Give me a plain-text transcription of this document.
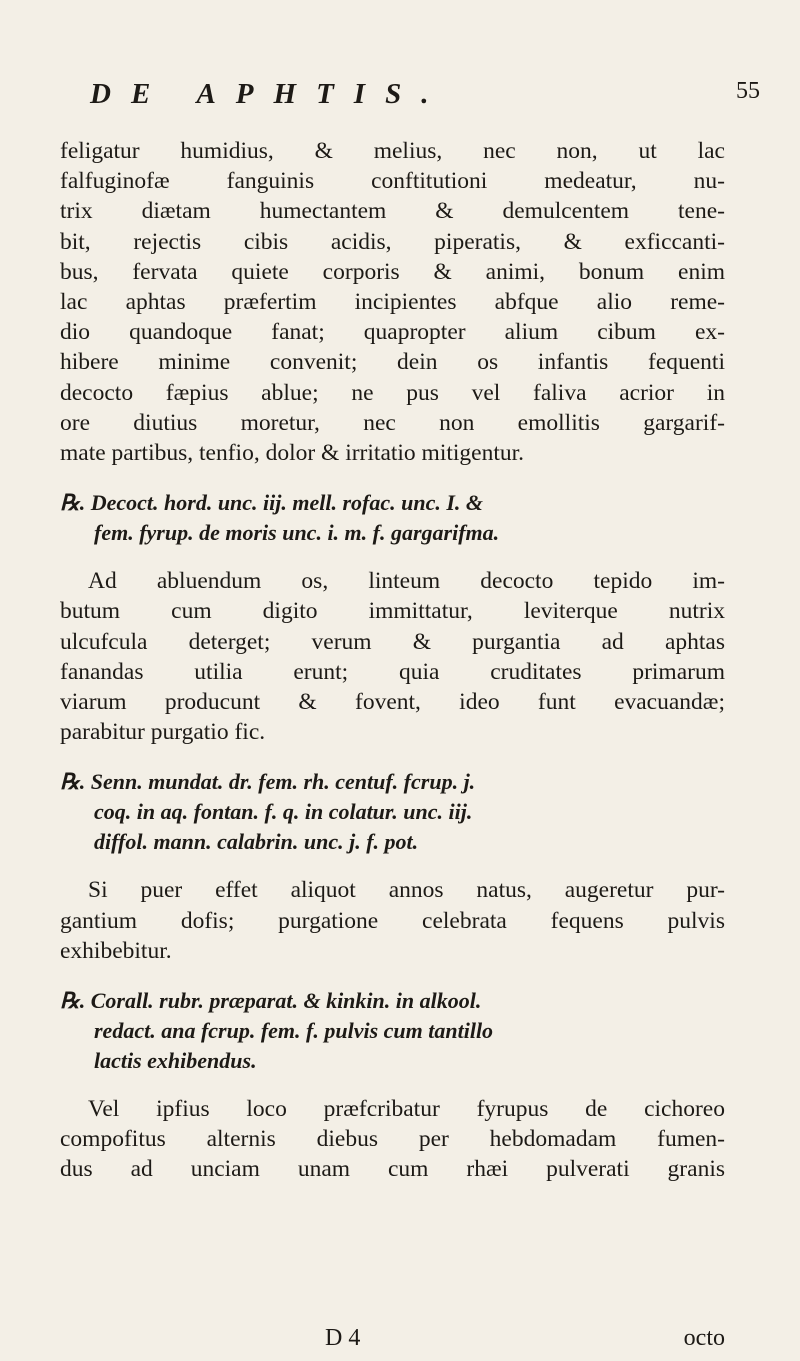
DE APHTIS.	55

feligatur humidius, & melius, nec non, ut lac
falfuginofæ fanguinis conftitutioni medeatur, nu-
trix diætam humectantem & demulcentem tene-
bit, rejectis cibis acidis, piperatis, & exficcanti-
bus, fervata quiete corporis & animi, bonum enim
lac aphtas præfertim incipientes abfque alio reme-
dio quandoque fanat; quapropter alium cibum ex-
hibere minime convenit; dein os infantis fequenti
decocto fæpius ablue; ne pus vel faliva acrior in
ore diutius moretur, nec non emollitis gargarif-
mate partibus, tenfio, dolor & irritatio mitigentur.

℞. Decoct. hord. unc. iij. mell. rofac. unc. I. &
fem. fyrup. de moris unc. i. m. f. gargarifma.

Ad abluendum os, linteum decocto tepido im-
butum cum digito immittatur, leviterque nutrix
ulcufcula deterget; verum & purgantia ad aphtas
fanandas utilia erunt; quia cruditates primarum
viarum producunt & fovent, ideo funt evacuandæ;
parabitur purgatio fic.

℞. Senn. mundat. dr. fem. rh. centuf. fcrup. j.
coq. in aq. fontan. f. q. in colatur. unc. iij.
diffol. mann. calabrin. unc. j. f. pot.

Si puer effet aliquot annos natus, augeretur pur-
gantium dofis; purgatione celebrata fequens pulvis
exhibebitur.

℞. Corall. rubr. præparat. & kinkin. in alkool.
redact. ana fcrup. fem. f. pulvis cum tantillo
lactis exhibendus.

Vel ipfius loco præfcribatur fyrupus de cichoreo
compofitus alternis diebus per hebdomadam fumen-
dus ad unciam unam cum rhæi pulverati granis

D 4	octo
